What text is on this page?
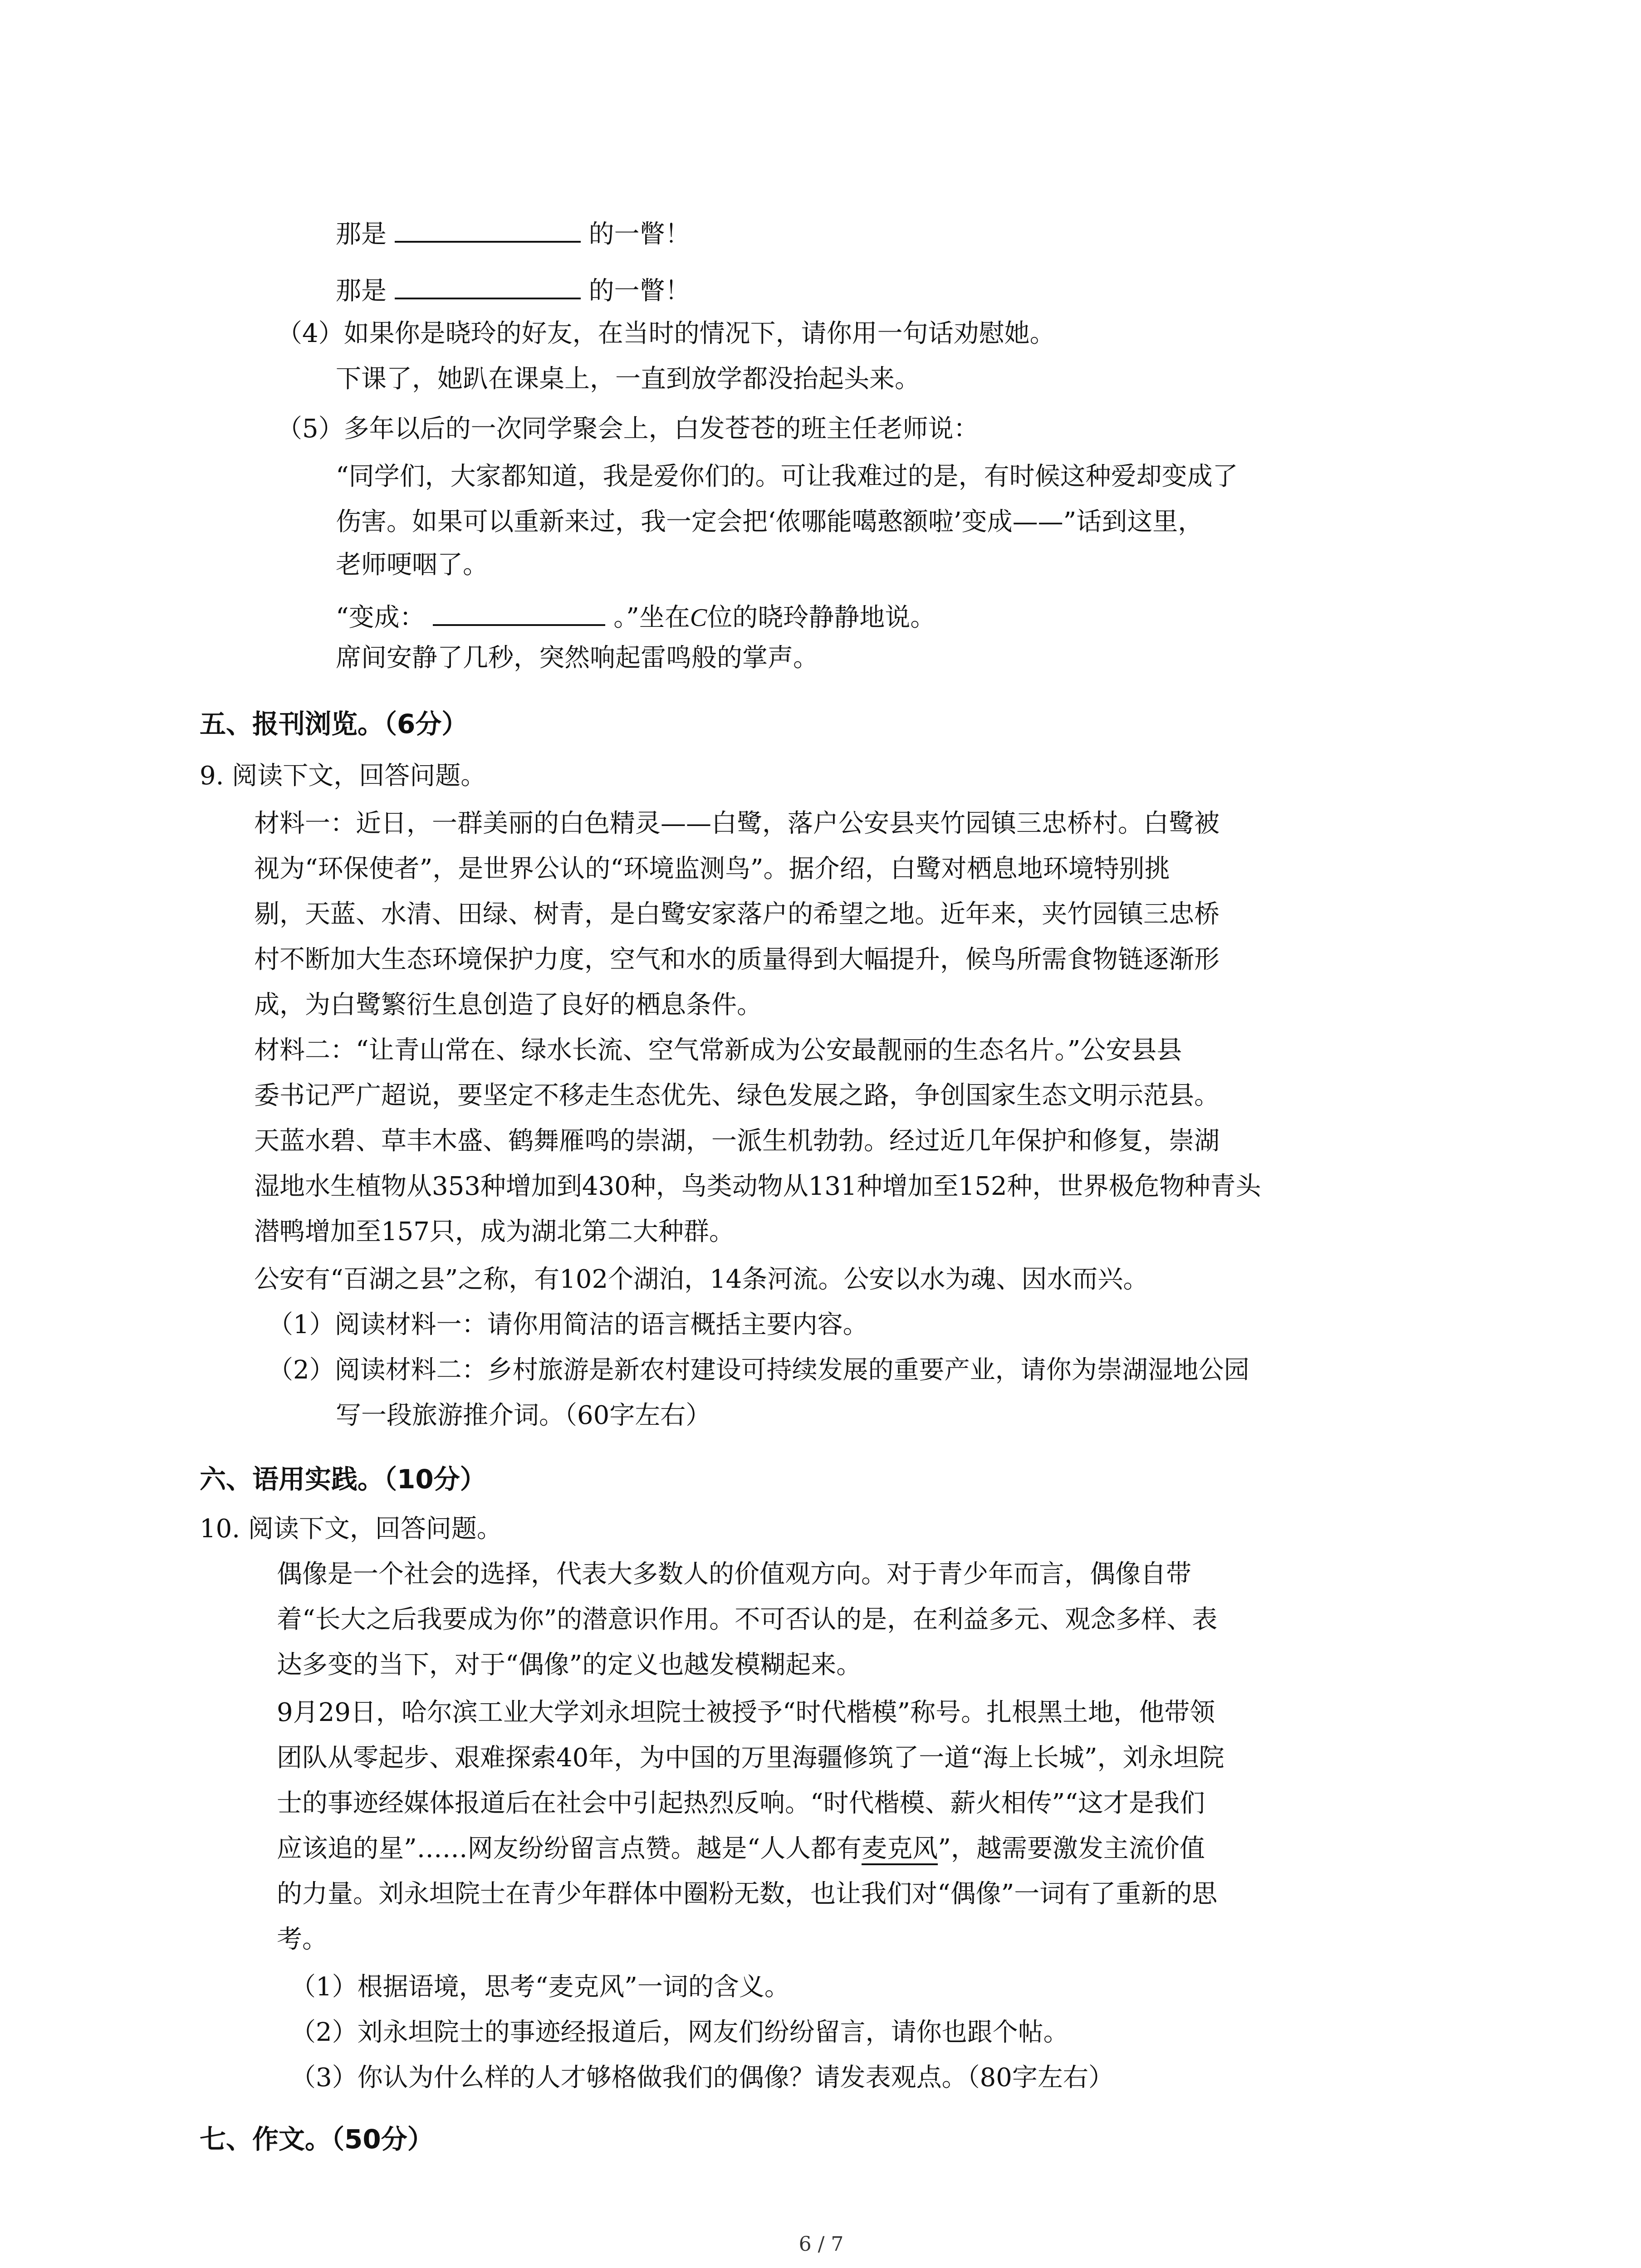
那是	的一瞥！
那是	的一瞥！
（4）如果你是晓玲的好友，在当时的情况下，请你用一句话劝慰她。
下课了，她趴在课桌上，一直到放学都没抬起头来。
（5）多年以后的一次同学聚会上，白发苍苍的班主任老师说：
“同学们，大家都知道，我是爱你们的。可让我难过的是，有时候这种爱却变成了
伤害。如果可以重新来过，我一定会把‘侬哪能噶憨额啦’变成——”话到这里，
老师哽咽了。
“变成：	。”坐在C位的晓玲静静地说。
席间安静了几秒，突然响起雷鸣般的掌声。
五、报刊浏览。（6分）
9. 阅读下文，回答问题。
材料一：近日，一群美丽的白色精灵——白鹭，落户公安县夹竹园镇三忠桥村。白鹭被
视为“环保使者”，是世界公认的“环境监测鸟”。据介绍，白鹭对栖息地环境特别挑
剔，天蓝、水清、田绿、树青，是白鹭安家落户的希望之地。近年来，夹竹园镇三忠桥
村不断加大生态环境保护力度，空气和水的质量得到大幅提升，候鸟所需食物链逐渐形
成，为白鹭繁衍生息创造了良好的栖息条件。
材料二：“让青山常在、绿水长流、空气常新成为公安最靓丽的生态名片。”公安县县
委书记严广超说，要坚定不移走生态优先、绿色发展之路，争创国家生态文明示范县。
天蓝水碧、草丰木盛、鹤舞雁鸣的崇湖，一派生机勃勃。经过近几年保护和修复，崇湖
湿地水生植物从353种增加到430种，鸟类动物从131种增加至152种，世界极危物种青头
潜鸭增加至157只，成为湖北第二大种群。
公安有“百湖之县”之称，有102个湖泊，14条河流。公安以水为魂、因水而兴。
（1）阅读材料一：请你用简洁的语言概括主要内容。
（2）阅读材料二：乡村旅游是新农村建设可持续发展的重要产业，请你为崇湖湿地公园
写一段旅游推介词。（60字左右）
六、语用实践。（10分）
10. 阅读下文，回答问题。
偶像是一个社会的选择，代表大多数人的价值观方向。对于青少年而言，偶像自带
着“长大之后我要成为你”的潜意识作用。不可否认的是，在利益多元、观念多样、表
达多变的当下，对于“偶像”的定义也越发模糊起来。
9月29日，哈尔滨工业大学刘永坦院士被授予“时代楷模”称号。扎根黑土地，他带领
团队从零起步、艰难探索40年，为中国的万里海疆修筑了一道“海上长城”，刘永坦院
士的事迹经媒体报道后在社会中引起热烈反响。“时代楷模、薪火相传”“这才是我们
应该追的星”……网友纷纷留言点赞。越是“人人都有麦克风”，越需要激发主流价值
的力量。刘永坦院士在青少年群体中圈粉无数，也让我们对“偶像”一词有了重新的思
考。
（1）根据语境，思考“麦克风”一词的含义。
（2）刘永坦院士的事迹经报道后，网友们纷纷留言，请你也跟个帖。
（3）你认为什么样的人才够格做我们的偶像？请发表观点。（80字左右）
七、作文。（50分）
6 / 7
